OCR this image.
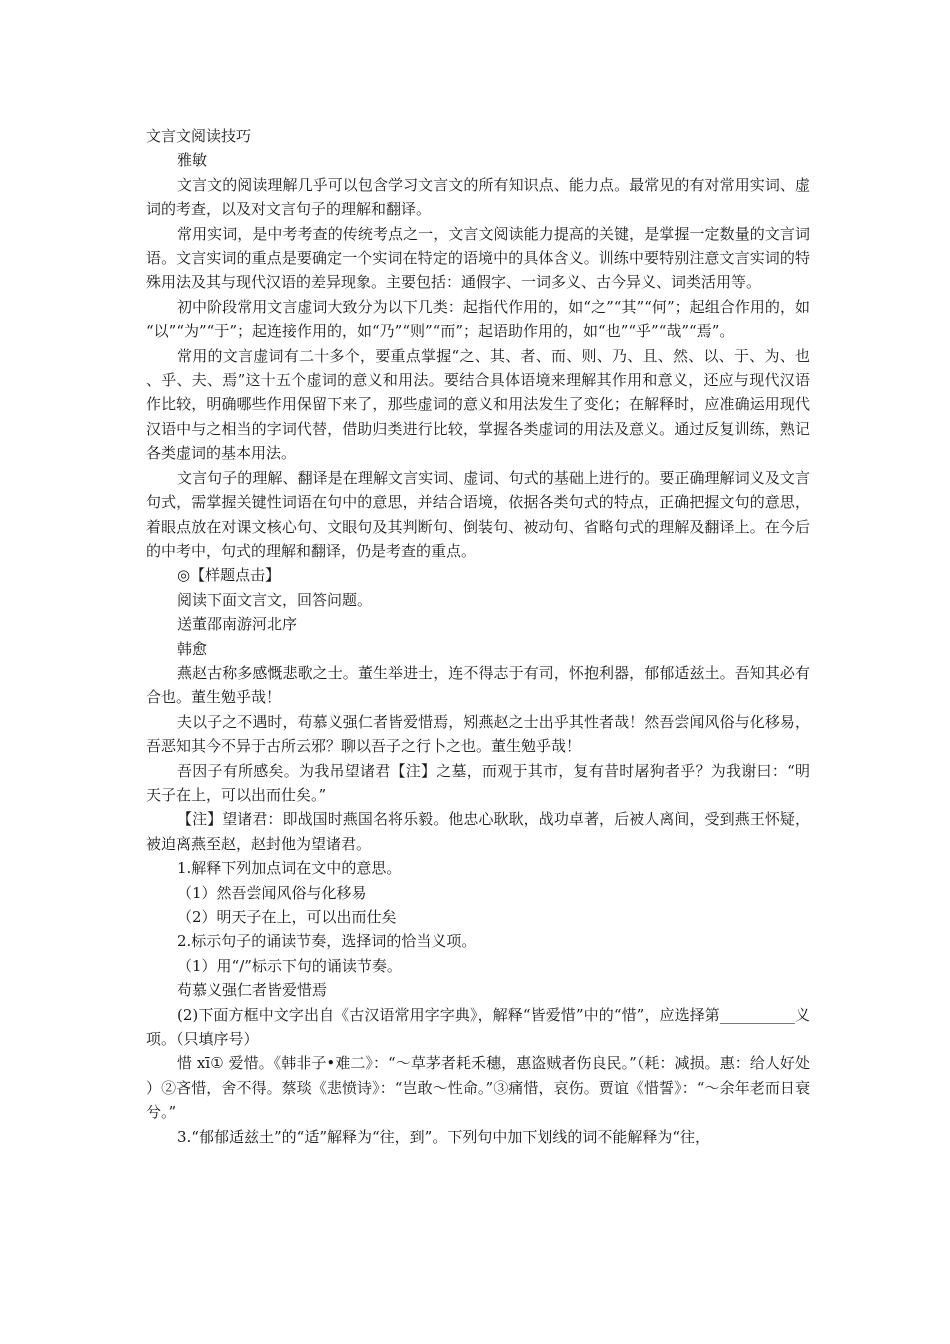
文言文阅读技巧

雅敏

文言文的阅读理解几乎可以包含学习文言文的所有知识点、能力点。最常见的有对常用实词、虚词的考查，以及对文言句子的理解和翻译。

常用实词，是中考考查的传统考点之一，文言文阅读能力提高的关键，是掌握一定数量的文言词语。文言实词的重点是要确定一个实词在特定的语境中的具体含义。训练中要特别注意文言实词的特殊用法及其与现代汉语的差异现象。主要包括：通假字、一词多义、古今异义、词类活用等。

初中阶段常用文言虚词大致分为以下几类：起指代作用的，如“之”“其”“何”；起组合作用的，如“以”“为”“于”；起连接作用的，如“乃”“则”“而”；起语助作用的，如“也”“乎”“哉”“焉”。

常用的文言虚词有二十多个，要重点掌握“之、其、者、而、则、乃、且、然、以、于、为、也、乎、夫、焉”这十五个虚词的意义和用法。要结合具体语境来理解其作用和意义，还应与现代汉语作比较，明确哪些作用保留下来了，那些虚词的意义和用法发生了变化；在解释时，应准确运用现代汉语中与之相当的字词代替，借助归类进行比较，掌握各类虚词的用法及意义。通过反复训练，熟记各类虚词的基本用法。

文言句子的理解、翻译是在理解文言实词、虚词、句式的基础上进行的。要正确理解词义及文言句式，需掌握关键性词语在句中的意思，并结合语境，依据各类句式的特点，正确把握文句的意思，着眼点放在对课文核心句、文眼句及其判断句、倒装句、被动句、省略句式的理解及翻译上。在今后的中考中，句式的理解和翻译，仍是考查的重点。

◎【样题点击】

阅读下面文言文，回答问题。

送董邵南游河北序

韩愈

燕赵古称多感慨悲歌之士。董生举进士，连不得志于有司，怀抱利器，郁郁适兹土。吾知其必有合也。董生勉乎哉！

夫以子之不遇时，苟慕义强仁者皆爱惜焉，矧燕赵之士出乎其性者哉！然吾尝闻风俗与化移易，吾恶知其今不异于古所云邪？聊以吾子之行卜之也。董生勉乎哉！

吾因子有所感矣。为我吊望诸君【注】之墓，而观于其市，复有昔时屠狗者乎？为我谢曰：“明天子在上，可以出而仕矣。”

【注】望诸君：即战国时燕国名将乐毅。他忠心耿耿，战功卓著，后被人离间，受到燕王怀疑，被迫离燕至赵，赵封他为望诸君。

1.解释下列加点词在文中的意思。

（1）然吾尝闻风俗与化移易

（2）明天子在上，可以出而仕矣

2.标示句子的诵读节奏，选择词的恰当义项。

（1）用“/”标示下句的诵读节奏。

苟慕义强仁者皆爱惜焉

(2)下面方框中文字出自《古汉语常用字字典》，解释“皆爱惜”中的“惜”，应选择第__________义项。（只填序号）

惜 xī① 爱惜。《韩非子•难二》：“～草茅者耗禾穗，惠盗贼者伤良民。”（耗：减损。惠：给人好处）②吝惜，舍不得。蔡琰《悲愤诗》：“岂敢～性命。”③痛惜，哀伤。贾谊《惜誓》：“～余年老而日衰兮。”

3.“郁郁适兹土”的“适”解释为“往，到”。下列句中加下划线的词不能解释为“往，
